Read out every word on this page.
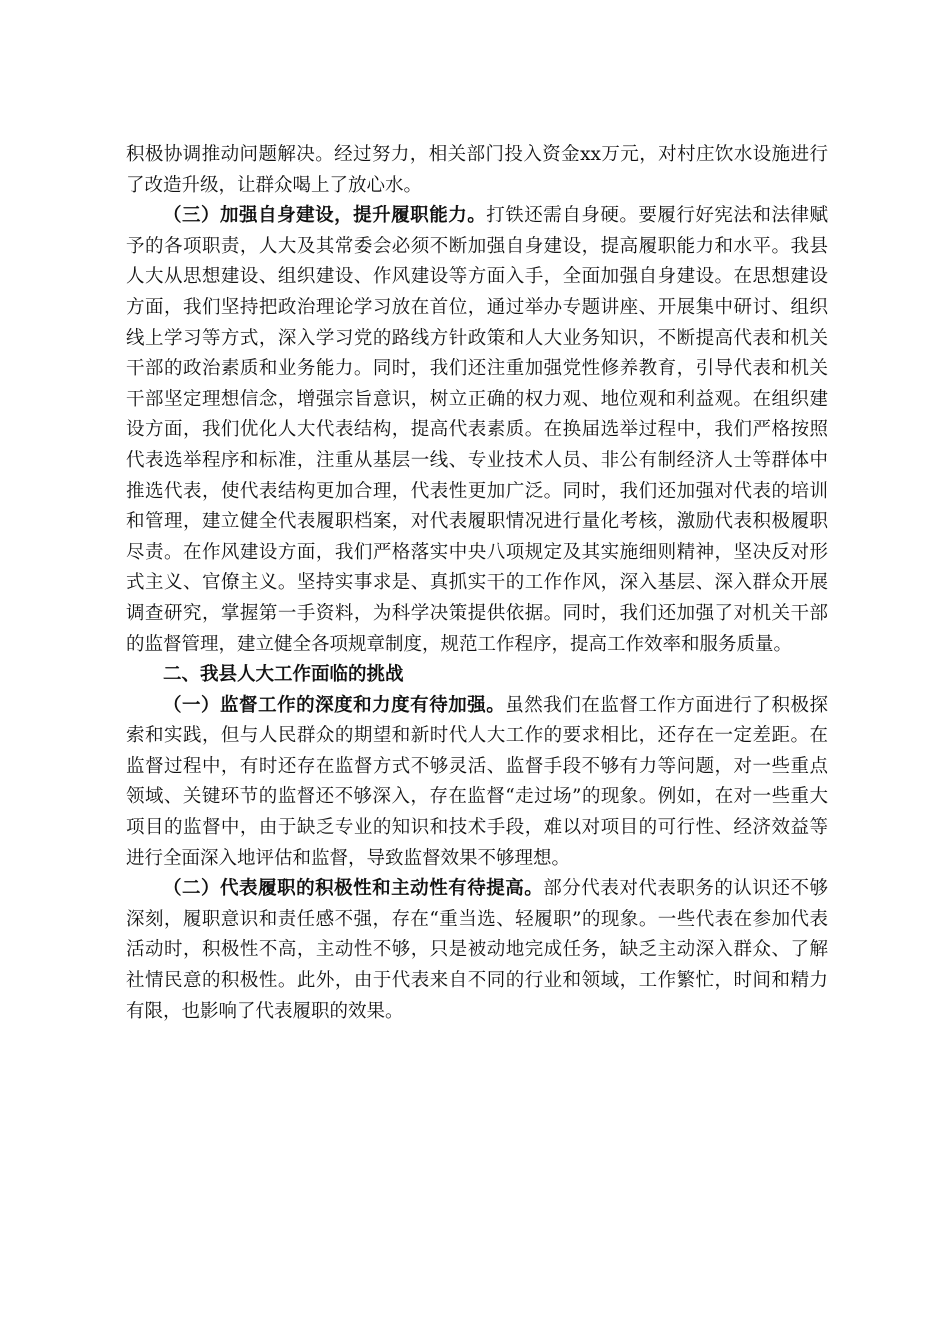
积极协调推动问题解决。经过努力，相关部门投入资金xx万元，对村庄饮水设施进行了改造升级，让群众喝上了放心水。

（三）加强自身建设，提升履职能力。打铁还需自身硬。要履行好宪法和法律赋予的各项职责，人大及其常委会必须不断加强自身建设，提高履职能力和水平。我县人大从思想建设、组织建设、作风建设等方面入手，全面加强自身建设。在思想建设方面，我们坚持把政治理论学习放在首位，通过举办专题讲座、开展集中研讨、组织线上学习等方式，深入学习党的路线方针政策和人大业务知识，不断提高代表和机关干部的政治素质和业务能力。同时，我们还注重加强党性修养教育，引导代表和机关干部坚定理想信念，增强宗旨意识，树立正确的权力观、地位观和利益观。在组织建设方面，我们优化人大代表结构，提高代表素质。在换届选举过程中，我们严格按照代表选举程序和标准，注重从基层一线、专业技术人员、非公有制经济人士等群体中推选代表，使代表结构更加合理，代表性更加广泛。同时，我们还加强对代表的培训和管理，建立健全代表履职档案，对代表履职情况进行量化考核，激励代表积极履职尽责。在作风建设方面，我们严格落实中央八项规定及其实施细则精神，坚决反对形式主义、官僚主义。坚持实事求是、真抓实干的工作作风，深入基层、深入群众开展调查研究，掌握第一手资料，为科学决策提供依据。同时，我们还加强了对机关干部的监督管理，建立健全各项规章制度，规范工作程序，提高工作效率和服务质量。

二、我县人大工作面临的挑战

（一）监督工作的深度和力度有待加强。虽然我们在监督工作方面进行了积极探索和实践，但与人民群众的期望和新时代人大工作的要求相比，还存在一定差距。在监督过程中，有时还存在监督方式不够灵活、监督手段不够有力等问题，对一些重点领域、关键环节的监督还不够深入，存在监督“走过场”的现象。例如，在对一些重大项目的监督中，由于缺乏专业的知识和技术手段，难以对项目的可行性、经济效益等进行全面深入地评估和监督，导致监督效果不够理想。

（二）代表履职的积极性和主动性有待提高。部分代表对代表职务的认识还不够深刻，履职意识和责任感不强，存在“重当选、轻履职”的现象。一些代表在参加代表活动时，积极性不高，主动性不够，只是被动地完成任务，缺乏主动深入群众、了解社情民意的积极性。此外，由于代表来自不同的行业和领域，工作繁忙，时间和精力有限，也影响了代表履职的效果。
